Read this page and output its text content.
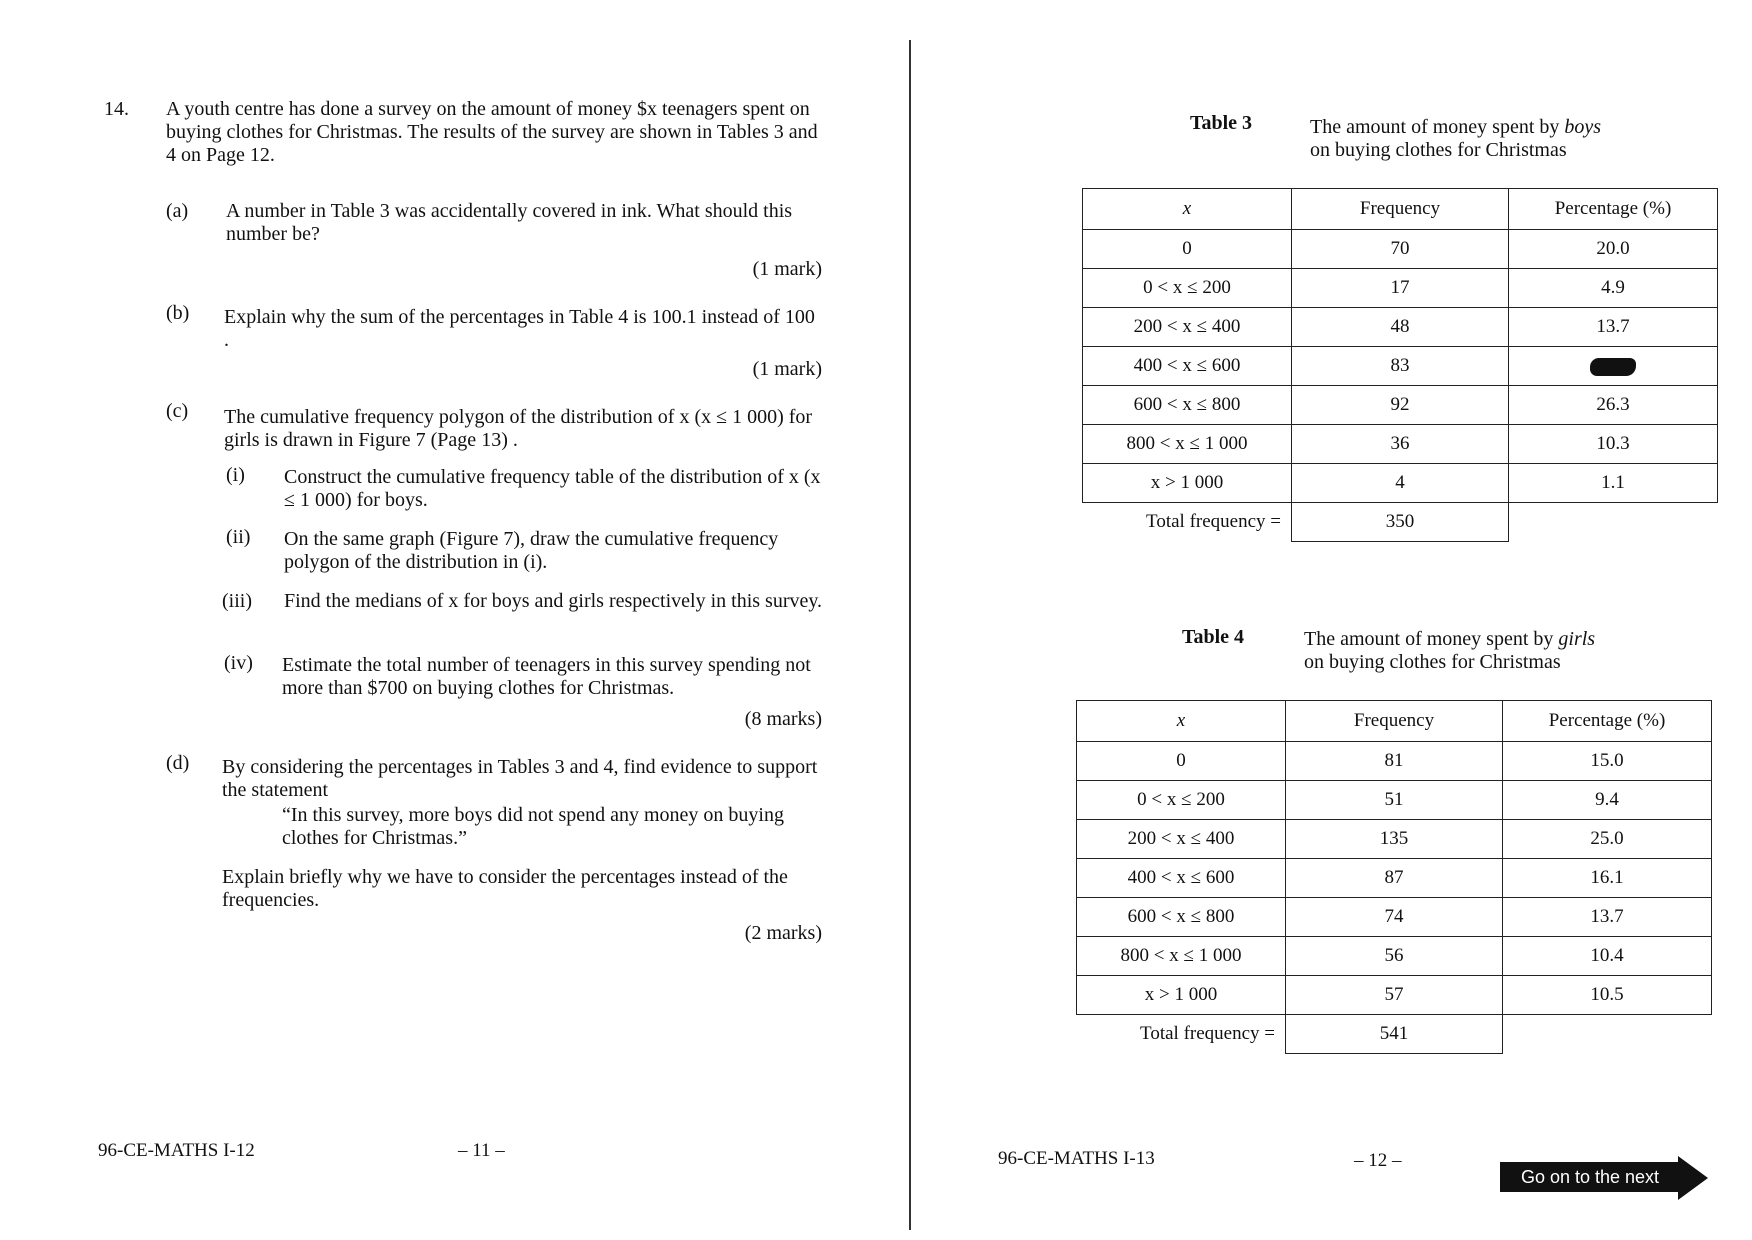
14. A youth centre has done a survey on the amount of money $x teenagers spent on buying clothes for Christmas. The results of the survey are shown in Tables 3 and 4 on Page 12.
(a) A number in Table 3 was accidentally covered in ink. What should this number be?
(1 mark)
(b) Explain why the sum of the percentages in Table 4 is 100.1 instead of 100 .
(1 mark)
(c) The cumulative frequency polygon of the distribution of x (x ≤ 1 000) for girls is drawn in Figure 7 (Page 13) .
(i) Construct the cumulative frequency table of the distribution of x (x ≤ 1 000) for boys.
(ii) On the same graph (Figure 7), draw the cumulative frequency polygon of the distribution in (i).
(iii) Find the medians of x for boys and girls respectively in this survey.
(iv) Estimate the total number of teenagers in this survey spending not more than $700 on buying clothes for Christmas.
(8 marks)
(d) By considering the percentages in Tables 3 and 4, find evidence to support the statement
“In this survey, more boys did not spend any money on buying clothes for Christmas.”
Explain briefly why we have to consider the percentages instead of the frequencies.
(2 marks)
96-CE-MATHS I-12	– 11 –
Table 3	The amount of money spent by boys
on buying clothes for Christmas
x	Frequency	Percentage (%)
0	70	20.0
0 < x ≤ 200	17	4.9
200 < x ≤ 400	48	13.7
400 < x ≤ 600	83	
600 < x ≤ 800	92	26.3
800 < x ≤ 1 000	36	10.3
x > 1 000	4	1.1
Total frequency =	350	
Table 4	The amount of money spent by girls
on buying clothes for Christmas
x	Frequency	Percentage (%)
0	81	15.0
0 < x ≤ 200	51	9.4
200 < x ≤ 400	135	25.0
400 < x ≤ 600	87	16.1
600 < x ≤ 800	74	13.7
800 < x ≤ 1 000	56	10.4
x > 1 000	57	10.5
Total frequency =	541	
96-CE-MATHS I-13	– 12 –
Go on to the next page
